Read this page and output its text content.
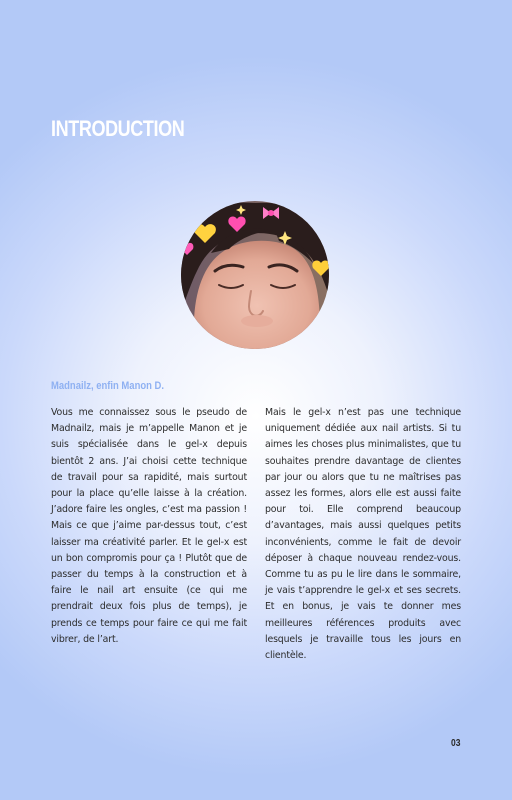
INTRODUCTION
Madnailz, enfin Manon D.

Vous me connaissez sous le pseudo de Madnailz, mais je m’appelle Manon et je suis spécialisée dans le gel-x depuis bientôt 2 ans. J’ai choisi cette technique de travail pour sa rapidité, mais surtout pour la place qu’elle laisse à la création. J’adore faire les ongles, c’est ma passion ! Mais ce que j’aime par-dessus tout, c’est laisser ma créativité parler. Et le gel-x est un bon compromis pour ça ! Plutôt que de passer du temps à la construction et à faire le nail art ensuite (ce qui me prendrait deux fois plus de temps), je prends ce temps pour faire ce qui me fait vibrer, de l’art.

Mais le gel-x n’est pas une technique uniquement dédiée aux nail artists. Si tu aimes les choses plus minimalistes, que tu souhaites prendre davantage de clientes par jour ou alors que tu ne maîtrises pas assez les formes, alors elle est aussi faite pour toi. Elle comprend beaucoup d’avantages, mais aussi quelques petits inconvénients, comme le fait de devoir déposer à chaque nouveau rendez-vous. Comme tu as pu le lire dans le sommaire, je vais t’apprendre le gel-x et ses secrets. Et en bonus, je vais te donner mes meilleures références produits avec lesquels je travaille tous les jours en clientèle.

03
